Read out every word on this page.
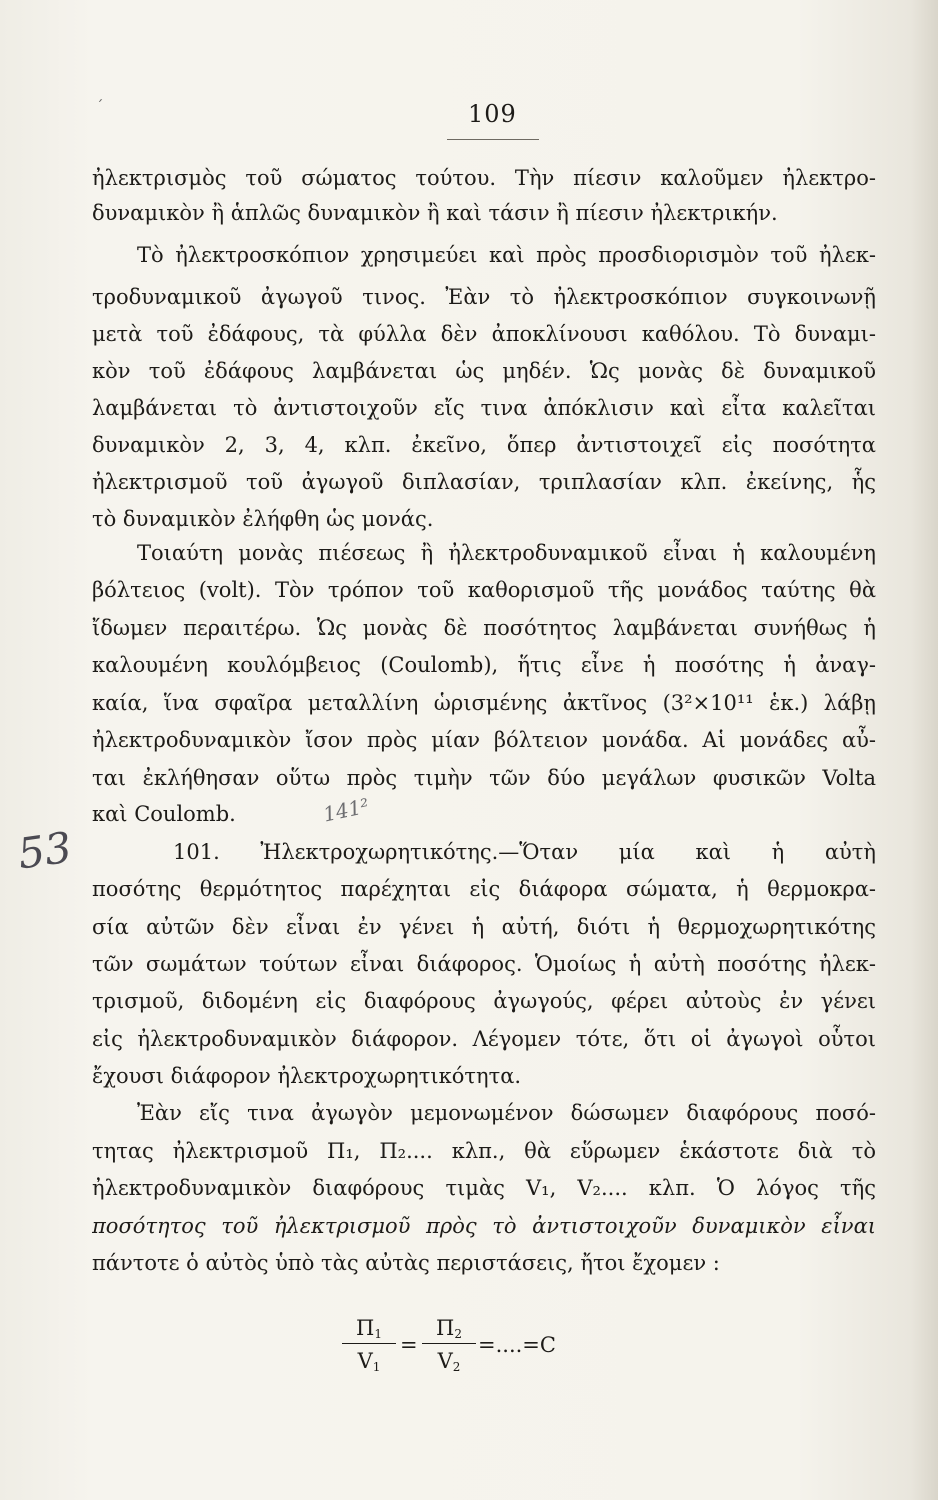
ˊ	109
ἠλεκτρισμὸς τοῦ σώματος τούτου. Τὴν πίεσιν καλοῦμεν ἠλεκτρο-
δυναμικὸν ἢ ἁπλῶς δυναμικὸν ἢ καὶ τάσιν ἢ πίεσιν ἠλεκτρικήν.
Τὸ ἠλεκτροσκόπιον χρησιμεύει καὶ πρὸς προσδιορισμὸν τοῦ ἠλεκ-
τροδυναμικοῦ ἀγωγοῦ τινος. Ἐὰν τὸ ἠλεκτροσκόπιον συγκοινωνῇ
μετὰ τοῦ ἐδάφους, τὰ φύλλα δὲν ἀποκλίνουσι καθόλου. Τὸ δυναμι-
κὸν τοῦ ἐδάφους λαμβάνεται ὡς μηδέν. Ὡς μονὰς δὲ δυναμικοῦ
λαμβάνεται τὸ ἀντιστοιχοῦν εἴς τινα ἀπόκλισιν καὶ εἶτα καλεῖται
δυναμικὸν 2, 3, 4, κλπ. ἐκεῖνο, ὅπερ ἀντιστοιχεῖ εἰς ποσότητα
ἠλεκτρισμοῦ τοῦ ἀγωγοῦ διπλασίαν, τριπλασίαν κλπ. ἐκείνης, ἧς
τὸ δυναμικὸν ἐλήφθη ὡς μονάς.
Τοιαύτη μονὰς πιέσεως ἢ ἠλεκτροδυναμικοῦ εἶναι ἡ καλουμένη
βόλτειος (volt). Τὸν τρόπον τοῦ καθορισμοῦ τῆς μονάδος ταύτης θὰ
ἴδωμεν περαιτέρω. Ὡς μονὰς δὲ ποσότητος λαμβάνεται συνήθως ἡ
καλουμένη κουλόμβειος (Coulomb), ἥτις εἶνε ἡ ποσότης ἡ ἀναγ-
καία, ἵνα σφαῖρα μεταλλίνη ὡρισμένης ἀκτῖνος (3²×10¹¹ ἑκ.) λάβῃ
ἠλεκτροδυναμικὸν ἴσον πρὸς μίαν βόλτειον μονάδα. Αἱ μονάδες αὖ-
ται ἐκλήθησαν οὕτω πρὸς τιμὴν τῶν δύο μεγάλων φυσικῶν Volta
καὶ Coulomb.
101. Ἠλεκτροχωρητικότης.—Ὅταν μία καὶ ἡ αὐτὴ
ποσότης θερμότητος παρέχηται εἰς διάφορα σώματα, ἡ θερμοκρα-
σία αὐτῶν δὲν εἶναι ἐν γένει ἡ αὐτή, διότι ἡ θερμοχωρητικότης
τῶν σωμάτων τούτων εἶναι διάφορος. Ὁμοίως ἡ αὐτὴ ποσότης ἠλεκ-
τρισμοῦ, διδομένη εἰς διαφόρους ἀγωγούς, φέρει αὐτοὺς ἐν γένει
εἰς ἠλεκτροδυναμικὸν διάφορον. Λέγομεν τότε, ὅτι οἱ ἀγωγοὶ οὗτοι
ἔχουσι διάφορον ἠλεκτροχωρητικότητα.
Ἐὰν εἴς τινα ἀγωγὸν μεμονωμένον δώσωμεν διαφόρους ποσό-
τητας ἠλεκτρισμοῦ Π₁, Π₂.... κλπ., θὰ εὕρωμεν ἑκάστοτε διὰ τὸ
ἠλεκτροδυναμικὸν διαφόρους τιμὰς V₁, V₂.... κλπ. Ὁ λόγος τῆς
ποσότητος τοῦ ἠλεκτρισμοῦ πρὸς τὸ ἀντιστοιχοῦν δυναμικὸν εἶναι
πάντοτε ὁ αὐτὸς ὑπὸ τὰς αὐτὰς περιστάσεις, ἤτοι ἔχομεν :
$\frac{\Pi_1}{V_1} = \frac{\Pi_2}{V_2} =....=C$
53
141²
